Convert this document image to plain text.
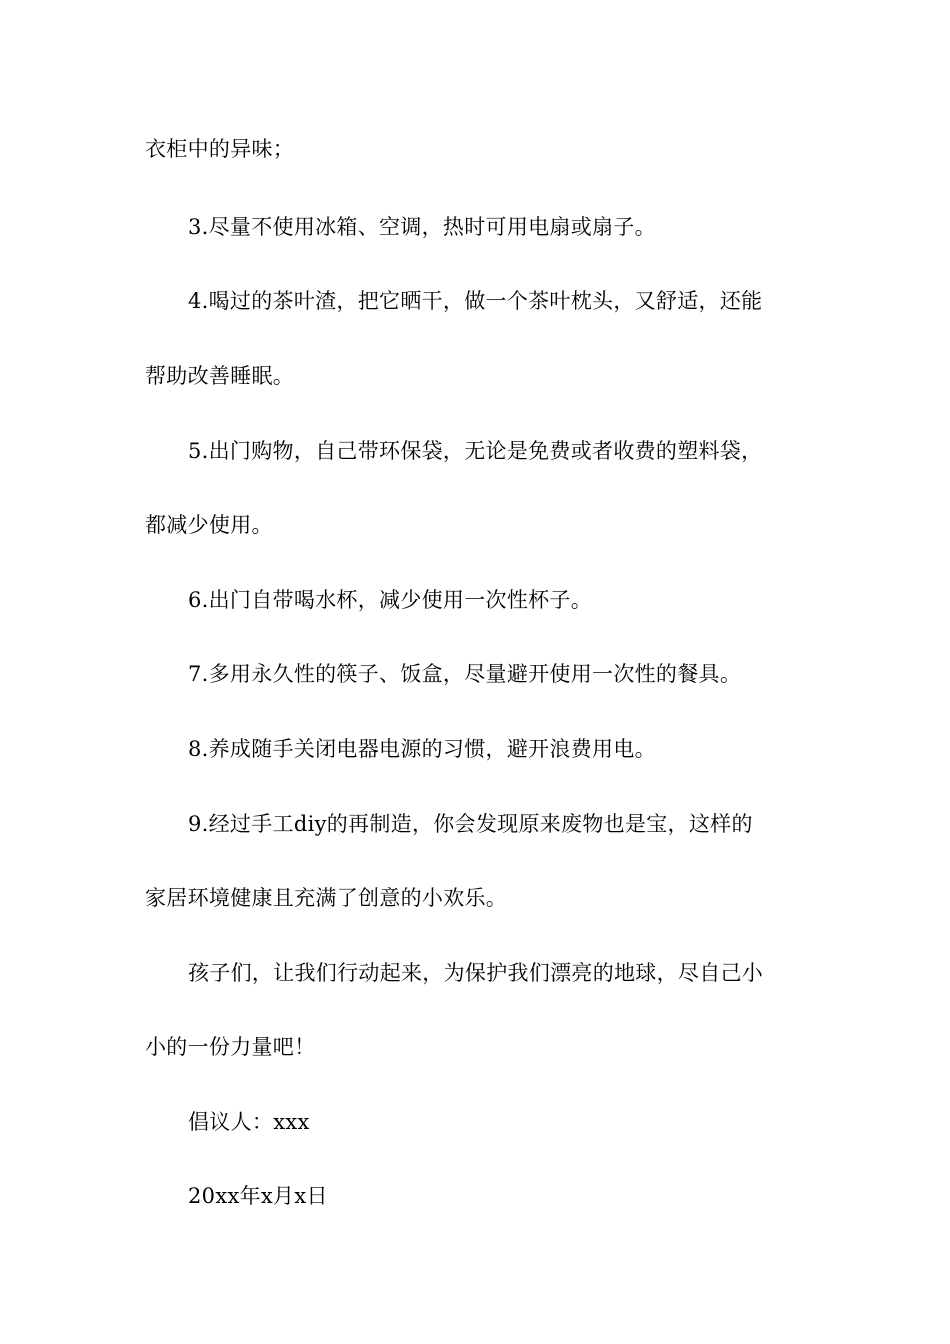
衣柜中的异味；
3.尽量不使用冰箱、空调，热时可用电扇或扇子。
4.喝过的茶叶渣，把它晒干，做一个茶叶枕头，又舒适，还能
帮助改善睡眠。
5.出门购物，自己带环保袋，无论是免费或者收费的塑料袋，
都减少使用。
6.出门自带喝水杯，减少使用一次性杯子。
7.多用永久性的筷子、饭盒，尽量避开使用一次性的餐具。
8.养成随手关闭电器电源的习惯，避开浪费用电。
9.经过手工diy的再制造，你会发现原来废物也是宝，这样的
家居环境健康且充满了创意的小欢乐。
孩子们，让我们行动起来，为保护我们漂亮的地球，尽自己小
小的一份力量吧！
倡议人：xxx
20xx年x月x日
